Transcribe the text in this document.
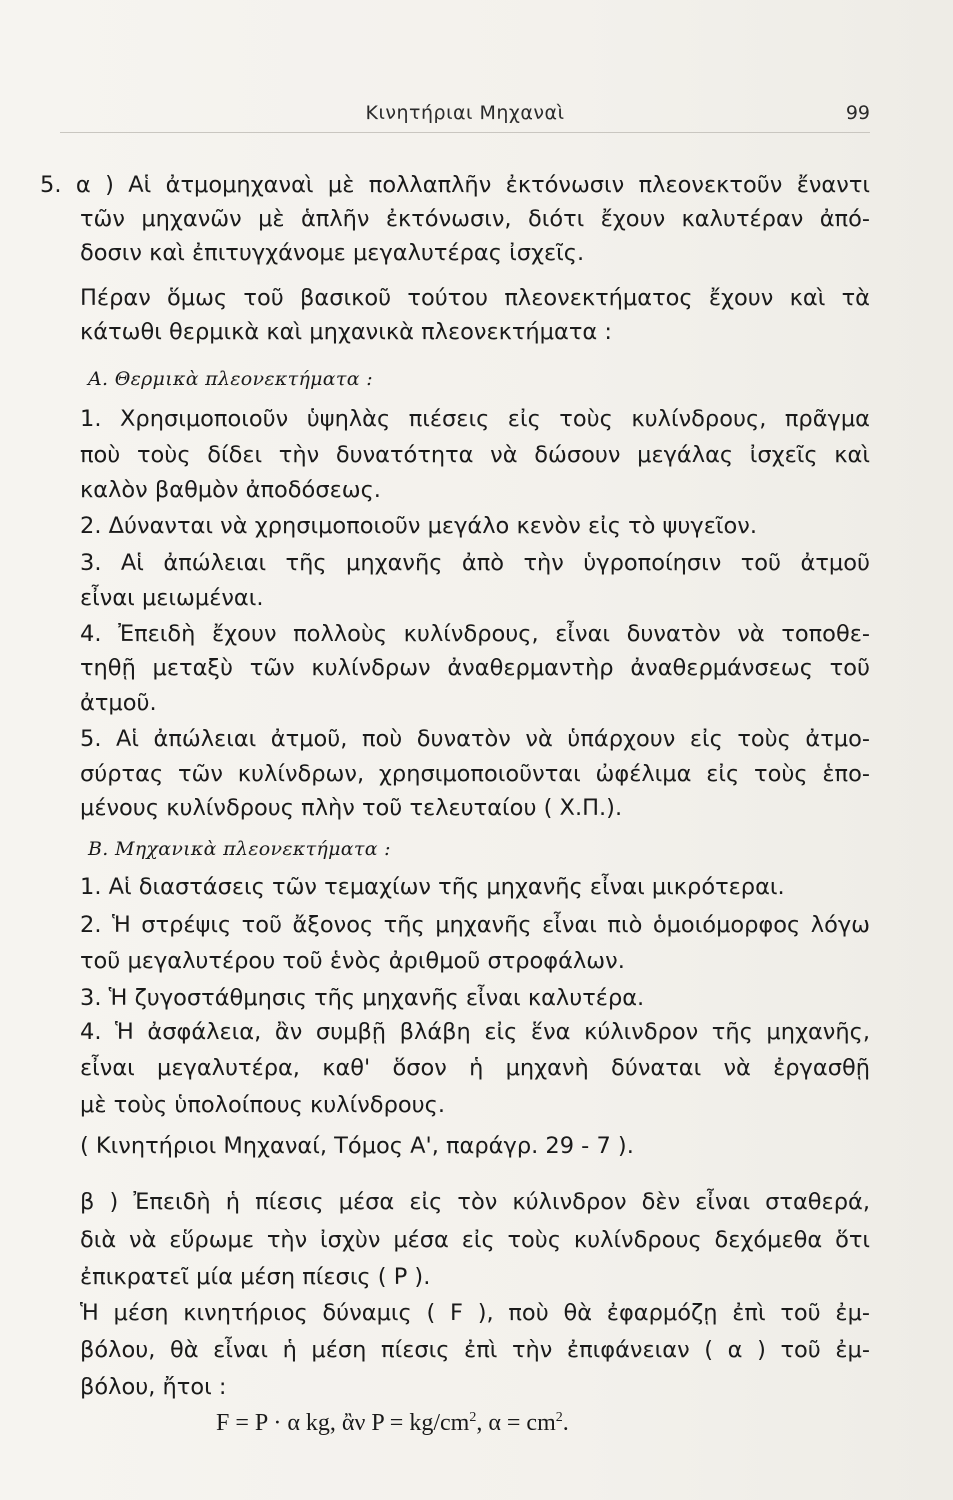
Κινητήριαι Μηχαναὶ	99
5. α ) Αἱ ἀτμομηχαναὶ μὲ πολλαπλῆν ἐκτόνωσιν πλεονεκτοῦν ἔναντι
τῶν μηχανῶν μὲ ἁπλῆν ἐκτόνωσιν, διότι ἔχουν καλυτέραν ἀπό-
δοσιν καὶ ἐπιτυγχάνομε μεγαλυτέρας ἰσχεῖς.
Πέραν ὅμως τοῦ βασικοῦ τούτου πλεονεκτήματος ἔχουν καὶ τὰ
κάτωθι θερμικὰ καὶ μηχανικὰ πλεονεκτήματα :
Α. Θερμικὰ πλεονεκτήματα :
1. Χρησιμοποιοῦν ὑψηλὰς πιέσεις εἰς τοὺς κυλίνδρους, πρᾶγμα
ποὺ τοὺς δίδει τὴν δυνατότητα νὰ δώσουν μεγάλας ἰσχεῖς καὶ
καλὸν βαθμὸν ἀποδόσεως.
2. Δύνανται νὰ χρησιμοποιοῦν μεγάλο κενὸν εἰς τὸ ψυγεῖον.
3. Αἱ ἀπώλειαι τῆς μηχανῆς ἀπὸ τὴν ὑγροποίησιν τοῦ ἀτμοῦ
εἶναι μειωμέναι.
4. Ἐπειδὴ ἔχουν πολλοὺς κυλίνδρους, εἶναι δυνατὸν νὰ τοποθε-
τηθῇ μεταξὺ τῶν κυλίνδρων ἀναθερμαντὴρ ἀναθερμάνσεως τοῦ
ἀτμοῦ.
5. Αἱ ἀπώλειαι ἀτμοῦ, ποὺ δυνατὸν νὰ ὑπάρχουν εἰς τοὺς ἀτμο-
σύρτας τῶν κυλίνδρων, χρησιμοποιοῦνται ὠφέλιμα εἰς τοὺς ἑπο-
μένους κυλίνδρους πλὴν τοῦ τελευταίου ( Χ.Π.).
Β. Μηχανικὰ πλεονεκτήματα :
1. Αἱ διαστάσεις τῶν τεμαχίων τῆς μηχανῆς εἶναι μικρότεραι.
2. Ἡ στρέψις τοῦ ἄξονος τῆς μηχανῆς εἶναι πιὸ ὁμοιόμορφος λόγω
τοῦ μεγαλυτέρου τοῦ ἑνὸς ἀριθμοῦ στροφάλων.
3. Ἡ ζυγοστάθμησις τῆς μηχανῆς εἶναι καλυτέρα.
4. Ἡ ἀσφάλεια, ἂν συμβῇ βλάβη εἰς ἕνα κύλινδρον τῆς μηχανῆς,
εἶναι μεγαλυτέρα, καθ' ὅσον ἡ μηχανὴ δύναται νὰ ἐργασθῇ
μὲ τοὺς ὑπολοίπους κυλίνδρους.
( Κινητήριοι Μηχαναί, Τόμος Α', παράγρ. 29 - 7 ).
β ) Ἐπειδὴ ἡ πίεσις μέσα εἰς τὸν κύλινδρον δὲν εἶναι σταθερά,
διὰ νὰ εὕρωμε τὴν ἰσχὺν μέσα εἰς τοὺς κυλίνδρους δεχόμεθα ὅτι
ἐπικρατεῖ μία μέση πίεσις ( Ρ ).
Ἡ μέση κινητήριος δύναμις ( F ), ποὺ θὰ ἐφαρμόζῃ ἐπὶ τοῦ ἐμ-
βόλου, θὰ εἶναι ἡ μέση πίεσις ἐπὶ τὴν ἐπιφάνειαν ( α ) τοῦ ἐμ-
βόλου, ἤτοι :
F = P · α kg, ἂν $P = kg/cm^2$, $\alpha = cm^2$.
